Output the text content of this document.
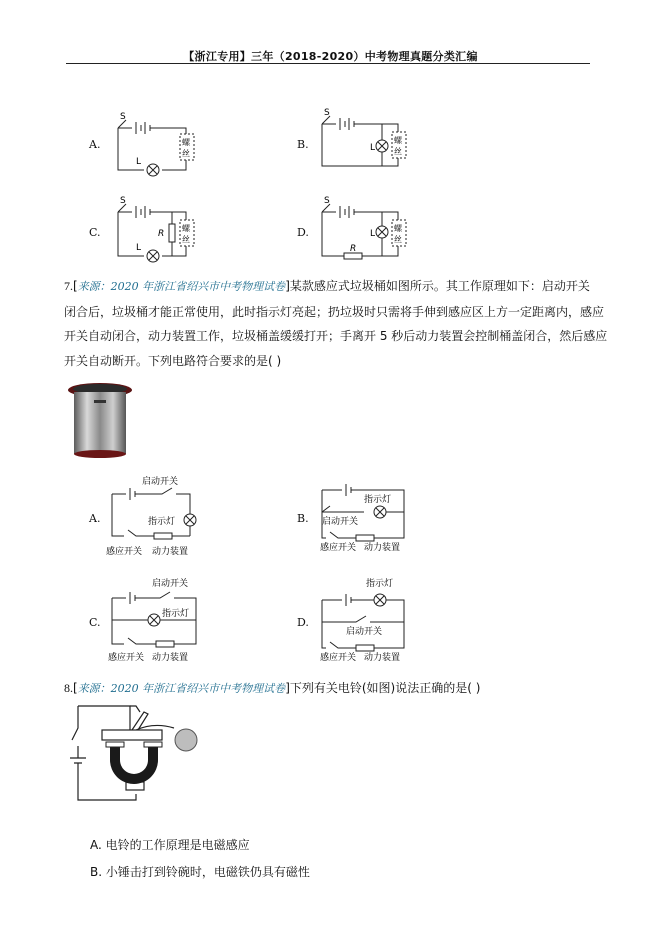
【浙江专用】三年（2018-2020）中考物理真题分类汇编
A.
S
L
螺
丝
B.
S
L
螺
丝
C.
S
L
R
螺
丝
D.
S
L
R
螺
丝
7.[来源：2020 年浙江省绍兴市中考物理试卷]某款感应式垃圾桶如图所示。其工作原理如下：启动开关
闭合后，垃圾桶才能正常使用，此时指示灯亮起；扔垃圾时只需将手伸到感应区上方一定距离内，感应
开关自动闭合，动力装置工作，垃圾桶盖缓缓打开；手离开 5 秒后动力装置会控制桶盖闭合，然后感应
开关自动断开。下列电路符合要求的是( )
A.
启动开关
指示灯
感应开关 动力装置
B.
指示灯
启动开关
感应开关 动力装置
C.
启动开关
指示灯
感应开关 动力装置
D.
指示灯
启动开关
感应开关 动力装置
8.[来源：2020 年浙江省绍兴市中考物理试卷]下列有关电铃(如图)说法正确的是( )
A. 电铃的工作原理是电磁感应
B. 小锤击打到铃碗时，电磁铁仍具有磁性
